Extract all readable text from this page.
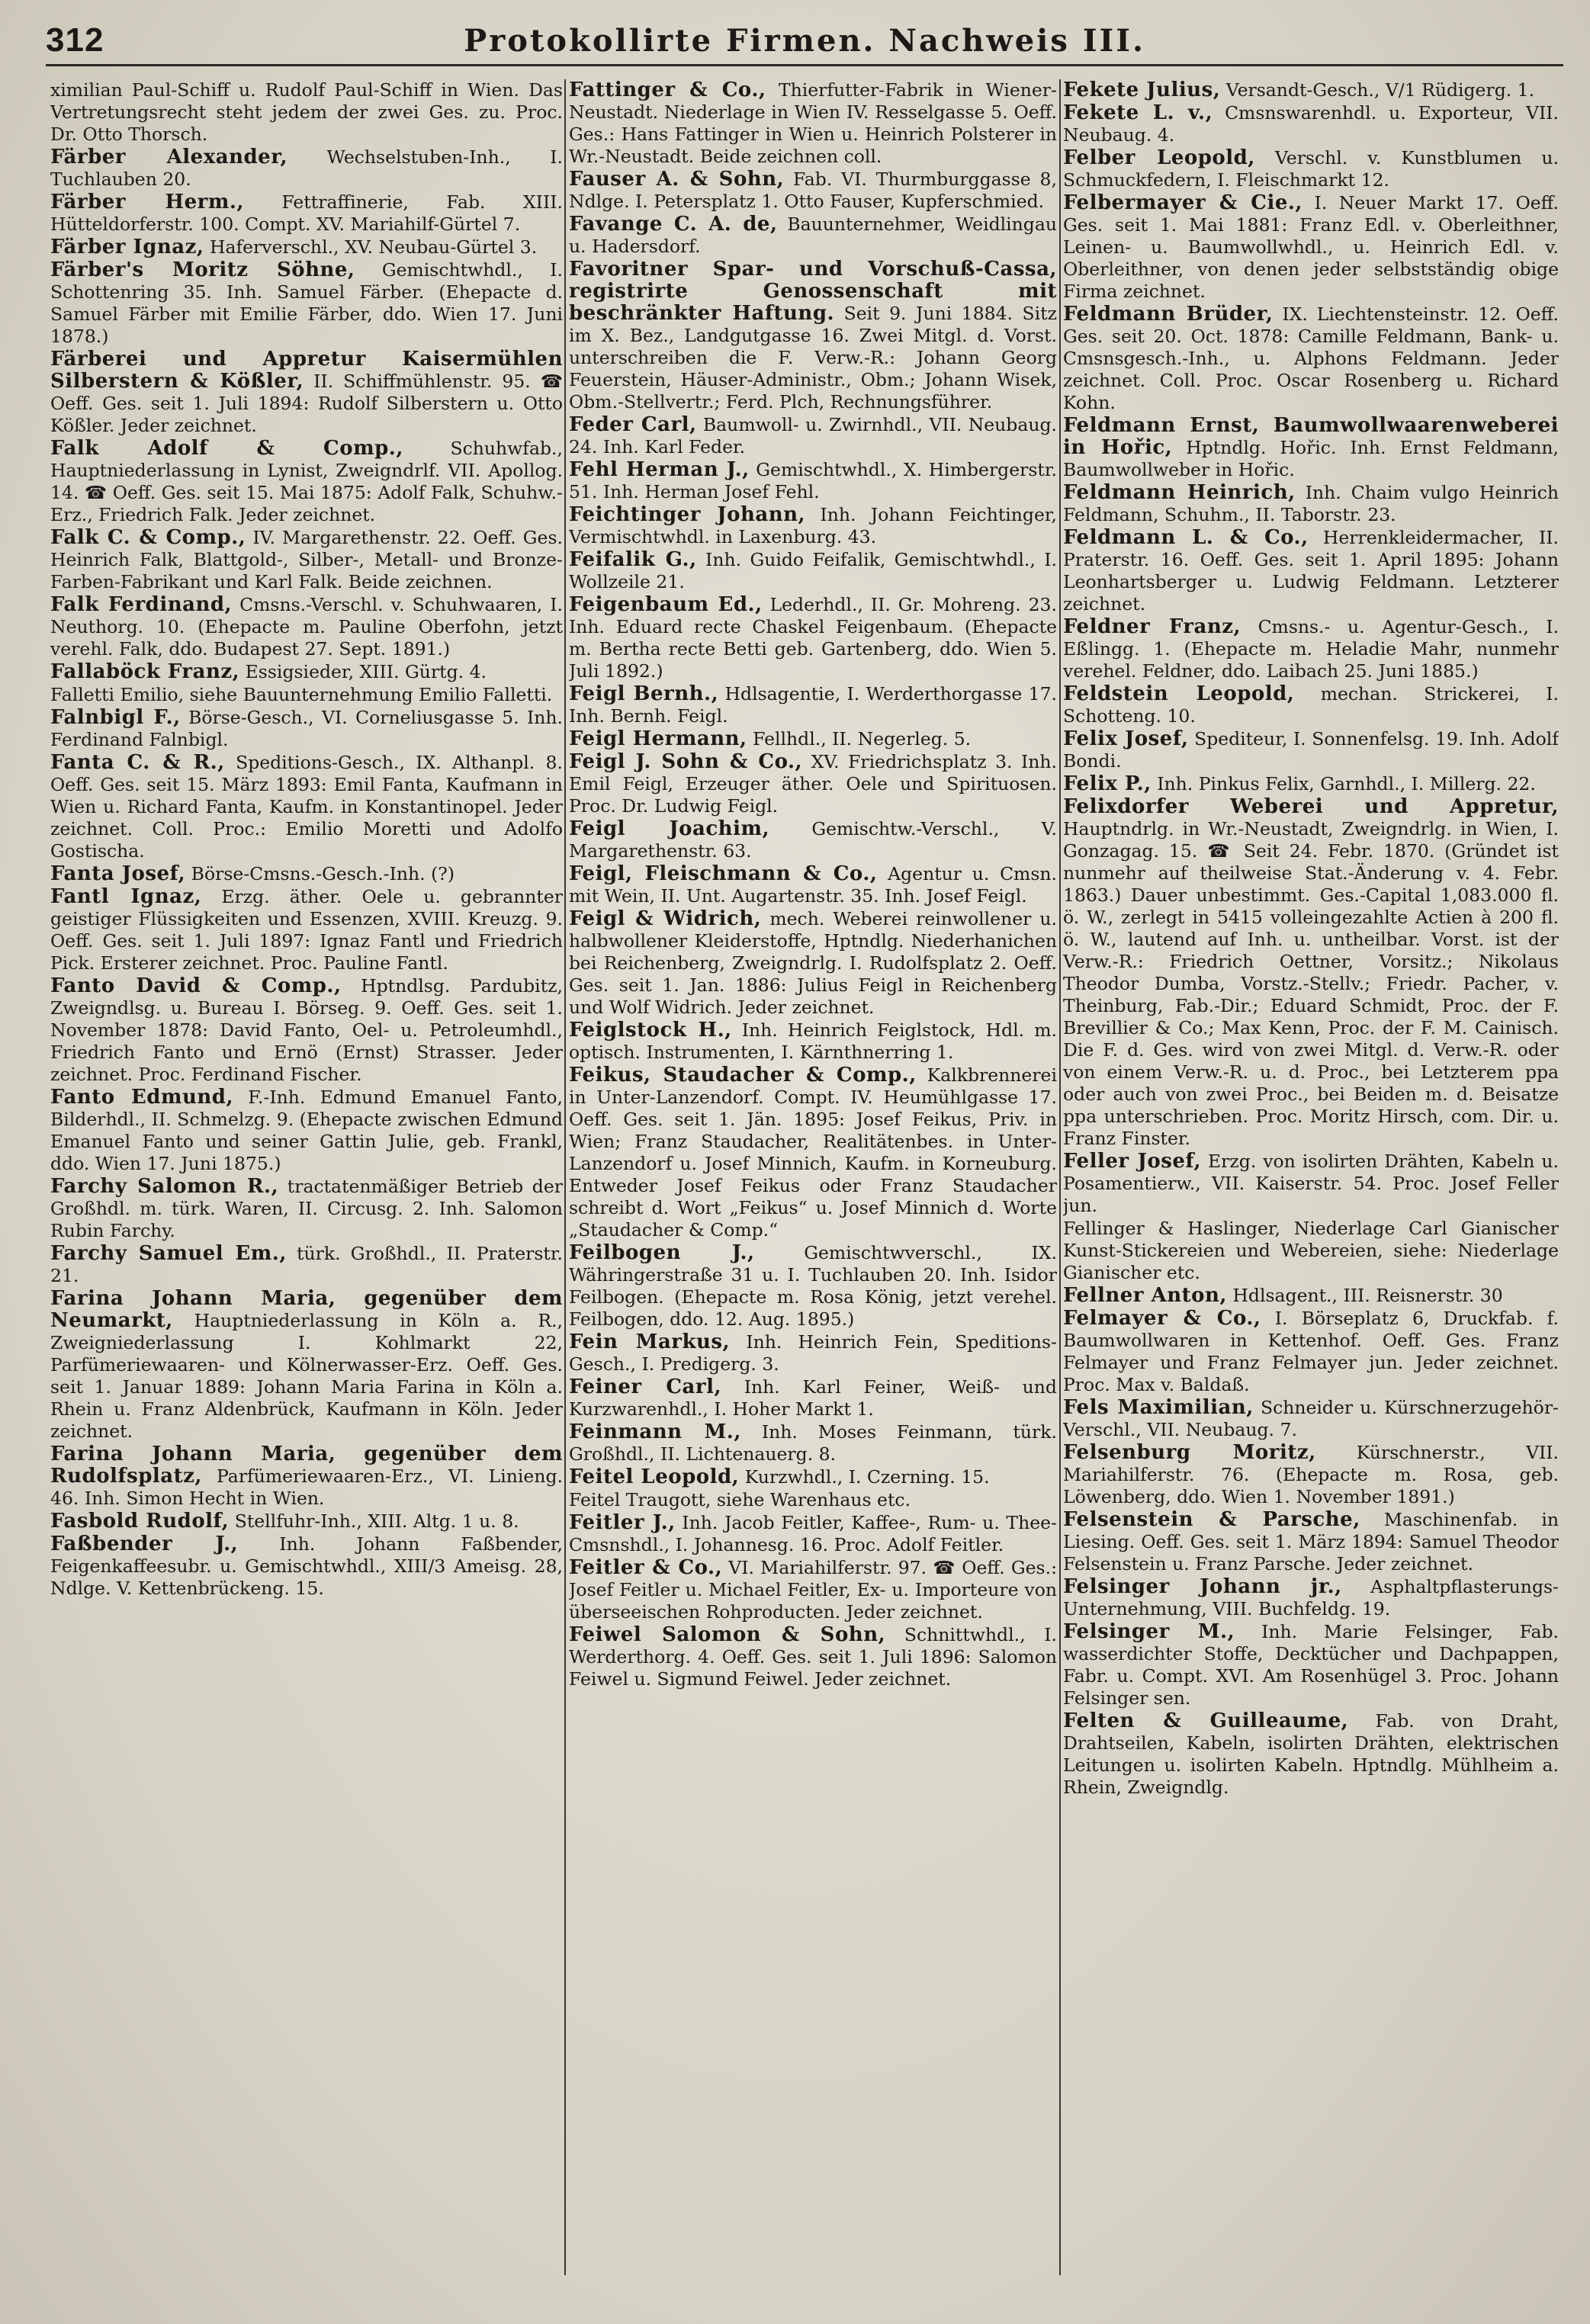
312	Protokollirte Firmen. Nachweis III.

ximilian Paul-Schiff u. Rudolf Paul-Schiff in Wien. Das Vertretungsrecht steht jedem der zwei Ges. zu. Proc. Dr. Otto Thorsch.

Färber Alexander, Wechselstuben-Inh., I. Tuchlauben 20.

Färber Herm., Fettraffinerie, Fab. XIII. Hütteldorferstr. 100. Compt. XV. Mariahilf-Gürtel 7.

Färber Ignaz, Haferverschl., XV. Neubau-Gürtel 3.

Färber's Moritz Söhne, Gemischtwhdl., I. Schottenring 35. Inh. Samuel Färber. (Ehepacte d. Samuel Färber mit Emilie Färber, ddo. Wien 17. Juni 1878.)

Färberei und Appretur Kaisermühlen Silberstern & Kößler, II. Schiffmühlenstr. 95. ☎ Oeff. Ges. seit 1. Juli 1894: Rudolf Silberstern u. Otto Kößler. Jeder zeichnet.

Falk Adolf & Comp.,	Schuhwfab., Hauptniederlassung in Lynist, Zweigndrlf. VII. Apollog. 14. ☎ Oeff. Ges. seit 15. Mai 1875: Adolf Falk, Schuhw.-Erz., Friedrich Falk. Jeder zeichnet.

Falk C. & Comp., IV. Margarethenstr. 22. Oeff. Ges. Heinrich Falk, Blattgold-, Silber-, Metall- und Bronze-Farben-Fabrikant und Karl Falk. Beide zeichnen.

Falk Ferdinand, Cmsns.-Verschl. v. Schuhwaaren, I. Neuthorg. 10. (Ehepacte m. Pauline Oberfohn, jetzt verehl. Falk, ddo. Budapest 27. Sept. 1891.)

Fallaböck Franz, Essigsieder, XIII. Gürtg. 4.

Falletti Emilio, siehe Bauunternehmung Emilio Falletti.

Falnbigl F., Börse-Gesch., VI. Corneliusgasse 5. Inh. Ferdinand Falnbigl.

Fanta C. & R., Speditions-Gesch., IX. Althanpl. 8. Oeff. Ges. seit 15. März 1893: Emil Fanta, Kaufmann in Wien u. Richard Fanta, Kaufm. in Konstantinopel. Jeder zeichnet. Coll. Proc.: Emilio Moretti und Adolfo Gostischa.

Fanta Josef, Börse-Cmsns.-Gesch.-Inh. (?)

Fantl Ignaz, Erzg. äther. Oele u. gebrannter geistiger Flüssigkeiten und Essenzen, XVIII. Kreuzg. 9. Oeff. Ges. seit 1. Juli 1897: Ignaz Fantl und Friedrich Pick. Ersterer zeichnet. Proc. Pauline Fantl.

Fanto David & Comp., Hptndlsg. Pardubitz, Zweigndlsg. u. Bureau I. Börseg. 9. Oeff. Ges. seit 1. November 1878: David Fanto, Oel- u. Petroleumhdl., Friedrich Fanto und Ernö (Ernst) Strasser. Jeder zeichnet. Proc. Ferdinand Fischer.

Fanto Edmund, F.-Inh. Edmund Emanuel Fanto, Bilderhdl., II. Schmelzg. 9. (Ehepacte zwischen Edmund Emanuel Fanto und seiner Gattin Julie, geb. Frankl, ddo. Wien 17. Juni 1875.)

Farchy Salomon R., tractatenmäßiger Betrieb der Großhdl. m. türk. Waren, II. Circusg. 2. Inh. Salomon Rubin Farchy.

Farchy Samuel Em., türk. Großhdl., II. Praterstr. 21.

Farina Johann Maria, gegenüber dem Neumarkt, Hauptniederlassung in Köln a. R., Zweigniederlassung I. Kohlmarkt 22, Parfümeriewaaren- und Kölnerwasser-Erz. Oeff. Ges. seit 1. Januar 1889: Johann Maria Farina in Köln a. Rhein u. Franz Aldenbrück, Kaufmann in Köln. Jeder zeichnet.

Farina Johann Maria, gegenüber dem Rudolfsplatz, Parfümeriewaaren-Erz., VI. Linieng. 46. Inh. Simon Hecht in Wien.

Fasbold Rudolf, Stellfuhr-Inh., XIII. Altg. 1 u. 8.

Faßbender J., Inh. Johann Faßbender, Feigenkaffeesubr. u. Gemischtwhdl., XIII/3 Ameisg. 28, Ndlge. V. Kettenbrückeng. 15.

Fattinger & Co., Thierfutter-Fabrik in Wiener-Neustadt. Niederlage in Wien IV. Resselgasse 5. Oeff. Ges.: Hans Fattinger in Wien u. Heinrich Polsterer in Wr.-Neustadt. Beide zeichnen coll.

Fauser A. & Sohn, Fab. VI. Thurmburggasse 8, Ndlge. I. Petersplatz 1. Otto Fauser, Kupferschmied.

Favange C. A. de, Bauunternehmer, Weidlingau u. Hadersdorf.

Favoritner Spar- und Vorschuß-Cassa, registrirte Genossenschaft mit beschränkter Haftung. Seit 9. Juni 1884. Sitz im X. Bez., Landgutgasse 16. Zwei Mitgl. d. Vorst. unterschreiben die F. Verw.-R.: Johann Georg Feuerstein, Häuser-Administr., Obm.; Johann Wisek, Obm.-Stellvertr.; Ferd. Plch, Rechnungsführer.

Feder Carl, Baumwoll- u. Zwirnhdl., VII. Neubaug. 24. Inh. Karl Feder.

Fehl Herman J., Gemischtwhdl., X. Himbergerstr. 51. Inh. Herman Josef Fehl.

Feichtinger Johann, Inh. Johann Feichtinger, Vermischtwhdl. in Laxenburg. 43.

Feifalik G., Inh. Guido Feifalik, Gemischtwhdl., I. Wollzeile 21.

Feigenbaum Ed., Lederhdl., II. Gr. Mohreng. 23. Inh. Eduard recte Chaskel Feigenbaum. (Ehepacte m. Bertha recte Betti geb. Gartenberg, ddo. Wien 5. Juli 1892.)

Feigl Bernh., Hdlsagentie, I. Werderthorgasse 17. Inh. Bernh. Feigl.

Feigl Hermann, Fellhdl., II. Negerleg. 5.

Feigl J. Sohn & Co., XV. Friedrichsplatz 3. Inh. Emil Feigl, Erzeuger äther. Oele und Spirituosen. Proc. Dr. Ludwig Feigl.

Feigl Joachim, Gemischtw.-Verschl., V. Margarethenstr. 63.

Feigl, Fleischmann & Co., Agentur u. Cmsn. mit Wein, II. Unt. Augartenstr. 35. Inh. Josef Feigl.

Feigl & Widrich, mech. Weberei reinwollener u. halbwollener Kleiderstoffe, Hptndlg. Niederhanichen bei Reichenberg, Zweigndrlg. I. Rudolfsplatz 2. Oeff. Ges. seit 1. Jan. 1886: Julius Feigl in Reichenberg und Wolf Widrich. Jeder zeichnet.

Feiglstock H., Inh. Heinrich Feiglstock, Hdl. m. optisch. Instrumenten, I. Kärnthnerring 1.

Feikus, Staudacher & Comp., Kalkbrennerei in Unter-Lanzendorf. Compt. IV. Heumühlgasse 17. Oeff. Ges. seit 1. Jän. 1895: Josef Feikus, Priv. in Wien; Franz Staudacher, Realitätenbes. in Unter-Lanzendorf u. Josef Minnich, Kaufm. in Korneuburg. Entweder Josef Feikus oder Franz Staudacher schreibt d. Wort „Feikus“ u. Josef Minnich d. Worte „Staudacher & Comp.“

Feilbogen J.,	Gemischtwverschl., IX. Währingerstraße 31 u. I. Tuchlauben 20. Inh. Isidor Feilbogen. (Ehepacte m. Rosa König, jetzt verehel. Feilbogen, ddo. 12. Aug. 1895.)

Fein Markus, Inh. Heinrich Fein, Speditions-Gesch., I. Predigerg. 3.

Feiner Carl, Inh. Karl Feiner, Weiß- und Kurzwarenhdl., I. Hoher Markt 1.

Feinmann M., Inh. Moses Feinmann, türk. Großhdl., II. Lichtenauerg. 8.

Feitel Leopold, Kurzwhdl., I. Czerning. 15.

Feitel Traugott, siehe Warenhaus etc.

Feitler J., Inh. Jacob Feitler, Kaffee-, Rum- u. Thee-Cmsnshdl., I. Johannesg. 16. Proc. Adolf Feitler.

Feitler & Co., VI. Mariahilferstr. 97. ☎ Oeff. Ges.: Josef Feitler u. Michael Feitler, Ex- u. Importeure von überseeischen Rohproducten. Jeder zeichnet.

Feiwel Salomon & Sohn, Schnittwhdl., I. Werderthorg. 4. Oeff. Ges. seit 1. Juli 1896: Salomon Feiwel u. Sigmund Feiwel. Jeder zeichnet.

Fekete Julius, Versandt-Gesch., V/1 Rüdigerg. 1.

Fekete L. v., Cmsnswarenhdl. u. Exporteur, VII. Neubaug. 4.

Felber Leopold, Verschl. v. Kunstblumen u. Schmuckfedern, I. Fleischmarkt 12.

Felbermayer & Cie., I. Neuer Markt 17. Oeff. Ges. seit 1. Mai 1881: Franz Edl. v. Oberleithner, Leinen- u. Baumwollwhdl., u. Heinrich Edl. v. Oberleithner, von denen jeder selbstständig obige Firma zeichnet.

Feldmann Brüder, IX. Liechtensteinstr. 12. Oeff. Ges. seit 20. Oct. 1878: Camille Feldmann, Bank- u. Cmsnsgesch.-Inh., u. Alphons Feldmann. Jeder zeichnet. Coll. Proc. Oscar Rosenberg u. Richard Kohn.

Feldmann Ernst, Baumwollwaarenweberei in Hořic, Hptndlg. Hořic. Inh. Ernst Feldmann, Baumwollweber in Hořic.

Feldmann Heinrich, Inh. Chaim vulgo Heinrich Feldmann, Schuhm., II. Taborstr. 23.

Feldmann L. & Co., Herrenkleidermacher, II. Praterstr. 16. Oeff. Ges. seit 1. April 1895: Johann Leonhartsberger u. Ludwig Feldmann. Letzterer zeichnet.

Feldner Franz, Cmsns.- u. Agentur-Gesch., I. Eßlingg. 1. (Ehepacte m. Heladie Mahr, nunmehr verehel. Feldner, ddo. Laibach 25. Juni 1885.)

Feldstein Leopold, mechan. Strickerei, I. Schotteng. 10.

Felix Josef, Spediteur, I. Sonnenfelsg. 19. Inh. Adolf Bondi.

Felix P., Inh. Pinkus Felix, Garnhdl., I. Millerg. 22.

Felixdorfer Weberei und Appretur, Hauptndrlg. in Wr.-Neustadt, Zweigndrlg. in Wien, I. Gonzagag. 15. ☎ Seit 24. Febr. 1870. (Gründet ist nunmehr auf theilweise Stat.-Änderung v. 4. Febr. 1863.) Dauer unbestimmt. Ges.-Capital 1,083.000 fl. ö. W., zerlegt in 5415 volleingezahlte Actien à 200 fl. ö. W., lautend auf Inh. u. untheilbar. Vorst. ist der Verw.-R.: Friedrich Oettner, Vorsitz.; Nikolaus Theodor Dumba, Vorstz.-Stellv.; Friedr. Pacher, v. Theinburg, Fab.-Dir.; Eduard Schmidt, Proc. der F. Brevillier & Co.; Max Kenn, Proc. der F. M. Cainisch. Die F. d. Ges. wird von zwei Mitgl. d. Verw.-R. oder von einem Verw.-R. u. d. Proc., bei Letzterem ppa oder auch von zwei Proc., bei Beiden m. d. Beisatze ppa unterschrieben. Proc. Moritz Hirsch, com. Dir. u. Franz Finster.

Feller Josef, Erzg. von isolirten Drähten, Kabeln u. Posamentierw., VII. Kaiserstr. 54. Proc. Josef Feller jun.

Fellinger & Haslinger, Niederlage Carl Gianischer Kunst-Stickereien und Webereien, siehe: Niederlage Gianischer etc.

Fellner Anton, Hdlsagent., III. Reisnerstr. 30

Felmayer & Co., I. Börseplatz 6, Druckfab. f. Baumwollwaren in Kettenhof. Oeff. Ges. Franz Felmayer und Franz Felmayer jun. Jeder zeichnet. Proc. Max v. Baldaß.

Fels Maximilian, Schneider u. Kürschnerzugehör-Verschl., VII. Neubaug. 7.

Felsenburg Moritz, Kürschnerstr., VII. Mariahilferstr. 76. (Ehepacte m. Rosa, geb. Löwenberg, ddo. Wien 1. November 1891.)

Felsenstein & Parsche, Maschinenfab. in Liesing. Oeff. Ges. seit 1. März 1894: Samuel Theodor Felsenstein u. Franz Parsche. Jeder zeichnet.

Felsinger Johann jr., Asphaltpflasterungs-Unternehmung, VIII. Buchfeldg. 19.

Felsinger M., Inh. Marie Felsinger, Fab. wasserdichter Stoffe, Decktücher und Dachpappen, Fabr. u. Compt. XVI. Am Rosenhügel 3. Proc. Johann Felsinger sen.

Felten & Guilleaume, Fab. von Draht, Drahtseilen, Kabeln, isolirten Drähten, elektrischen Leitungen u. isolirten Kabeln. Hptndlg. Mühlheim a. Rhein, Zweigndlg.
